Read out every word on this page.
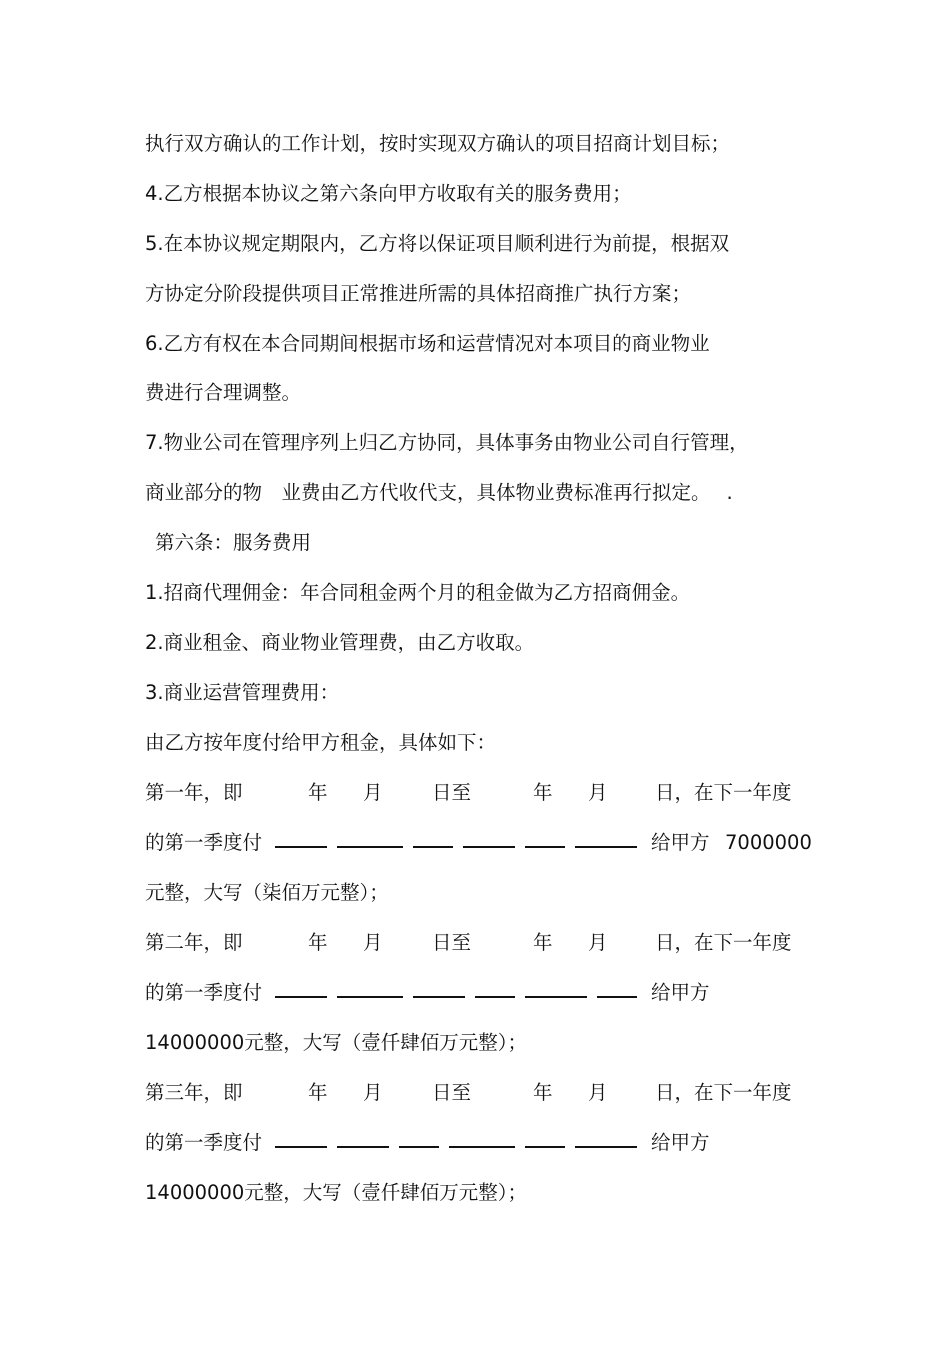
执行双方确认的工作计划，按时实现双方确认的项目招商计划目标；
4.乙方根据本协议之第六条向甲方收取有关的服务费用；
5.在本协议规定期限内，乙方将以保证项目顺利进行为前提，根据双
方协定分阶段提供项目正常推进所需的具体招商推广执行方案；
6.乙方有权在本合同期间根据市场和运营情况对本项目的商业物业
费进行合理调整。
7.物业公司在管理序列上归乙方协同，具体事务由物业公司自行管理，
商业部分的物　业费由乙方代收代支，具体物业费标准再行拟定。　 .
第六条：服务费用
1.招商代理佣金：年合同租金两个月的租金做为乙方招商佣金。
2.商业租金、商业物业管理费，由乙方收取。
3.商业运营管理费用：
由乙方按年度付给甲方租金，具体如下：
第一年，即	年 月	日至	年 月 日，在下一年度
的第一季度付	给甲方 7000000
元整，大写（柒佰万元整）；
第二年，即	年 月	日至	年 月 日，在下一年度
的第一季度付	给甲方
14000000元整，大写（壹仟肆佰万元整）；
第三年，即	年 月	日至	年 月 日，在下一年度
的第一季度付	给甲方
14000000元整，大写（壹仟肆佰万元整）；
